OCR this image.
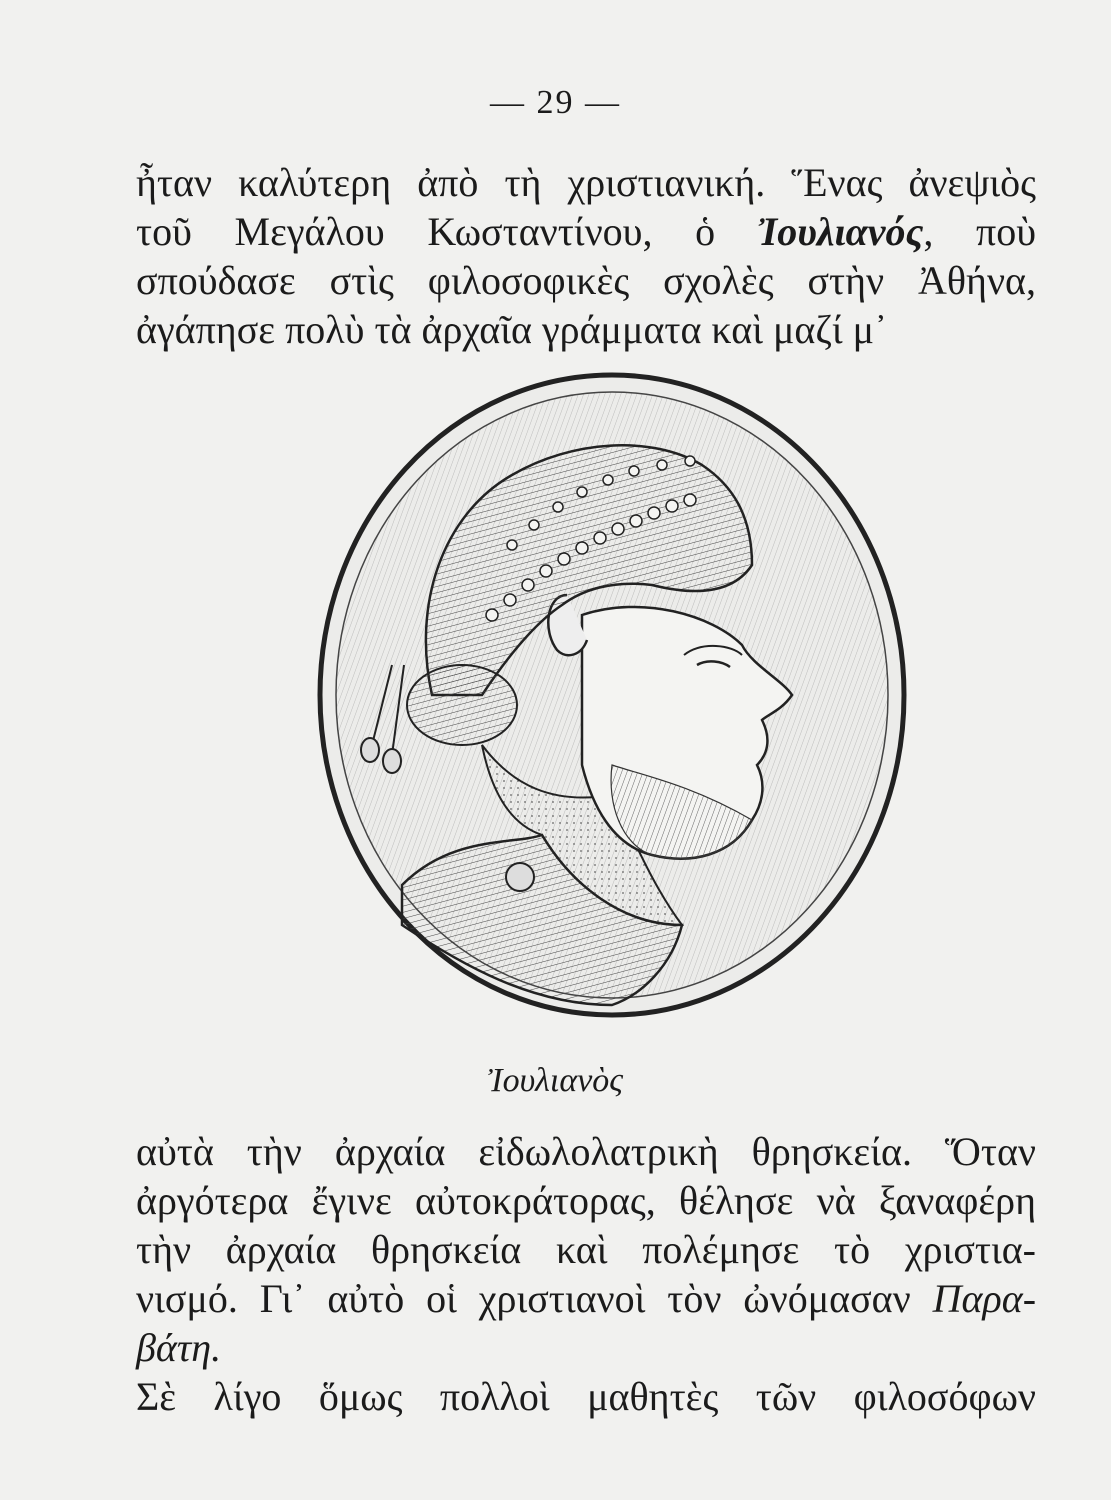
— 29 —
ἦταν καλύτερη ἀπὸ τὴ χριστιανική. Ἕνας ἀνεψιὸς
τοῦ Μεγάλου Κωσταντίνου, ὁ Ἰουλιανός, ποὺ
σπούδασε στὶς φιλοσοφικὲς σχολὲς στὴν Ἀθήνα,
ἀγάπησε πολὺ τὰ ἀρχαῖα γράμματα καὶ μαζί μ᾿
Ἰουλιανὸς
αὐτὰ τὴν ἀρχαία εἰδωλολατρικὴ θρησκεία. Ὅταν
ἀργότερα ἔγινε αὐτοκράτορας, θέλησε νὰ ξαναφέρη
τὴν ἀρχαία θρησκεία καὶ πολέμησε τὸ χριστια-
νισμό. Γι᾿ αὐτὸ οἱ χριστιανοὶ τὸν ὠνόμασαν Παρα-
βάτη.
Σὲ λίγο ὅμως πολλοὶ μαθητὲς τῶν φιλοσόφων
